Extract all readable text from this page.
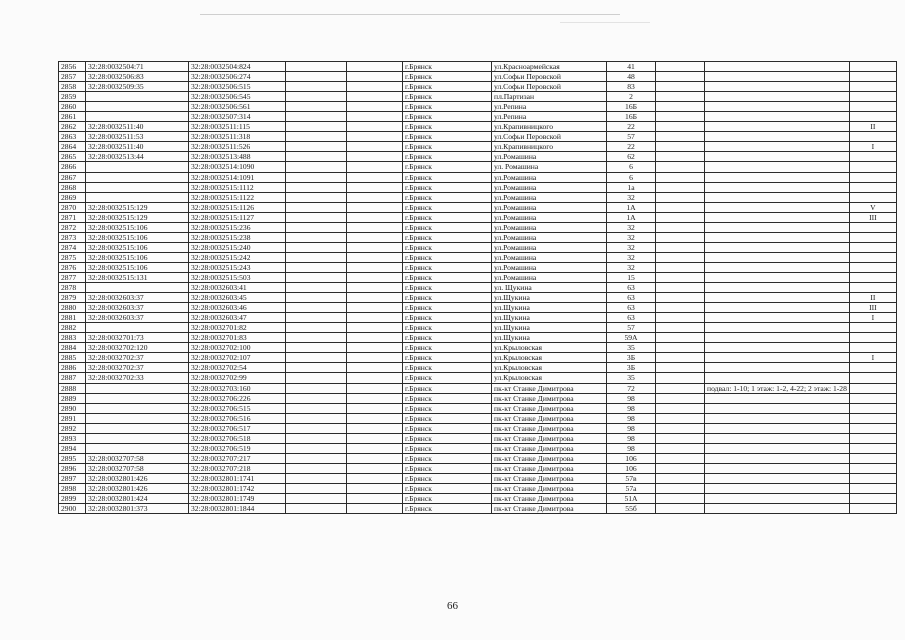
2856	32:28:0032504:71	32:28:0032504:824			г.Брянск	ул.Красноармейская	41			
2857	32:28:0032506:83	32:28:0032506:274			г.Брянск	ул.Софьи Перовской	48			
2858	32:28:0032509:35	32:28:0032506:515			г.Брянск	ул.Софьи Перовской	83			
2859		32:28:0032506:545			г.Брянск	пл.Партизан	2			
2860		32:28:0032506:561			г.Брянск	ул.Репина	16Б			
2861		32:28:0032507:314			г.Брянск	ул.Репина	16Б			
2862	32:28:0032511:40	32:28:0032511:115			г.Брянск	ул.Крапивницкого	22			II
2863	32:28:0032511:53	32:28:0032511:318			г.Брянск	ул.Софьи Перовской	57			
2864	32:28:0032511:40	32:28:0032511:526			г.Брянск	ул.Крапивницкого	22			I
2865	32:28:0032513:44	32:28:0032513:488			г.Брянск	ул.Ромашина	62			
2866		32:28:0032514:1090			г.Брянск	ул. Ромашина	6			
2867		32:28:0032514:1091			г.Брянск	ул.Ромашина	6			
2868		32:28:0032515:1112			г.Брянск	ул.Ромашина	1а			
2869		32:28:0032515:1122			г.Брянск	ул.Ромашина	32			
2870	32:28:0032515:129	32:28:0032515:1126			г.Брянск	ул.Ромашина	1А			V
2871	32:28:0032515:129	32:28:0032515:1127			г.Брянск	ул.Ромашина	1А			III
2872	32:28:0032515:106	32:28:0032515:236			г.Брянск	ул.Ромашина	32			
2873	32:28:0032515:106	32:28:0032515:238			г.Брянск	ул.Ромашина	32			
2874	32:28:0032515:106	32:28:0032515:240			г.Брянск	ул.Ромашина	32			
2875	32:28:0032515:106	32:28:0032515:242			г.Брянск	ул.Ромашина	32			
2876	32:28:0032515:106	32:28:0032515:243			г.Брянск	ул.Ромашина	32			
2877	32:28:0032515:131	32:28:0032515:503			г.Брянск	ул.Ромашина	15			
2878		32:28:0032603:41			г.Брянск	ул. Щукина	63			
2879	32:28:0032603:37	32:28:0032603:45			г.Брянск	ул.Щукина	63			II
2880	32:28:0032603:37	32:28:0032603:46			г.Брянск	ул.Щукина	63			III
2881	32:28:0032603:37	32:28:0032603:47			г.Брянск	ул.Щукина	63			I
2882		32:28:0032701:82			г.Брянск	ул.Щукина	57			
2883	32:28:0032701:73	32:28:0032701:83			г.Брянск	ул.Щукина	59А			
2884	32:28:0032702:120	32:28:0032702:100			г.Брянск	ул.Крыловская	35			
2885	32:28:0032702:37	32:28:0032702:107			г.Брянск	ул.Крыловская	3Б			I
2886	32:28:0032702:37	32:28:0032702:54			г.Брянск	ул.Крыловская	3Б			
2887	32:28:0032702:33	32:28:0032702:99			г.Брянск	ул.Крыловская	35			
2888		32:28:0032703:160			г.Брянск	пк-кт Станке Димитрова	72		подвал: 1-10; 1 этаж: 1-2, 4-22; 2 этаж: 1-28	
2889		32:28:0032706:226			г.Брянск	пк-кт Станке Димитрова	98			
2890		32:28:0032706:515			г.Брянск	пк-кт Станке Димитрова	98			
2891		32:28:0032706:516			г.Брянск	пк-кт Станке Димитрова	98			
2892		32:28:0032706:517			г.Брянск	пк-кт Станке Димитрова	98			
2893		32:28:0032706:518			г.Брянск	пк-кт Станке Димитрова	98			
2894		32:28:0032706:519			г.Брянск	пк-кт Станке Димитрова	98			
2895	32:28:0032707:58	32:28:0032707:217			г.Брянск	пк-кт Станке Димитрова	106			
2896	32:28:0032707:58	32:28:0032707:218			г.Брянск	пк-кт Станке Димитрова	106			
2897	32:28:0032801:426	32:28:0032801:1741			г.Брянск	пк-кт Станке Димитрова	57в			
2898	32:28:0032801:426	32:28:0032801:1742			г.Брянск	пк-кт Станке Димитрова	57а			
2899	32:28:0032801:424	32:28:0032801:1749			г.Брянск	пк-кт Станке Димитрова	51А			
2900	32:28:0032801:373	32:28:0032801:1844			г.Брянск	пк-кт Станке Димитрова	55б			
66
